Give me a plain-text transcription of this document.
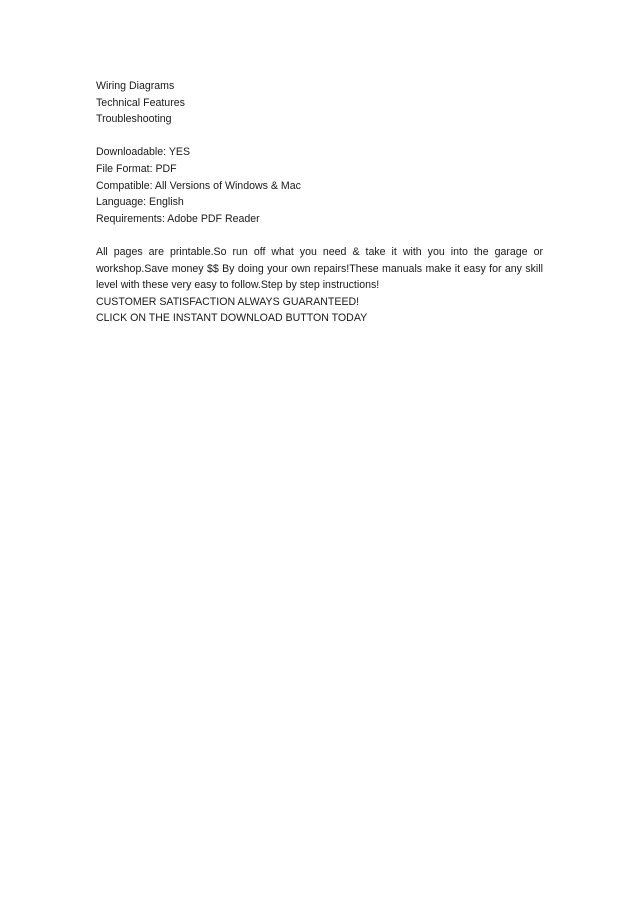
Wiring Diagrams
Technical Features
Troubleshooting
Downloadable: YES
File Format: PDF
Compatible: All Versions of Windows & Mac
Language: English
Requirements: Adobe PDF Reader
All pages are printable.So run off what you need & take it with you into the garage or workshop.Save money $$ By doing your own repairs!These manuals make it easy for any skill level with these very easy to follow.Step by step instructions!
CUSTOMER SATISFACTION ALWAYS GUARANTEED!
CLICK ON THE INSTANT DOWNLOAD BUTTON TODAY
